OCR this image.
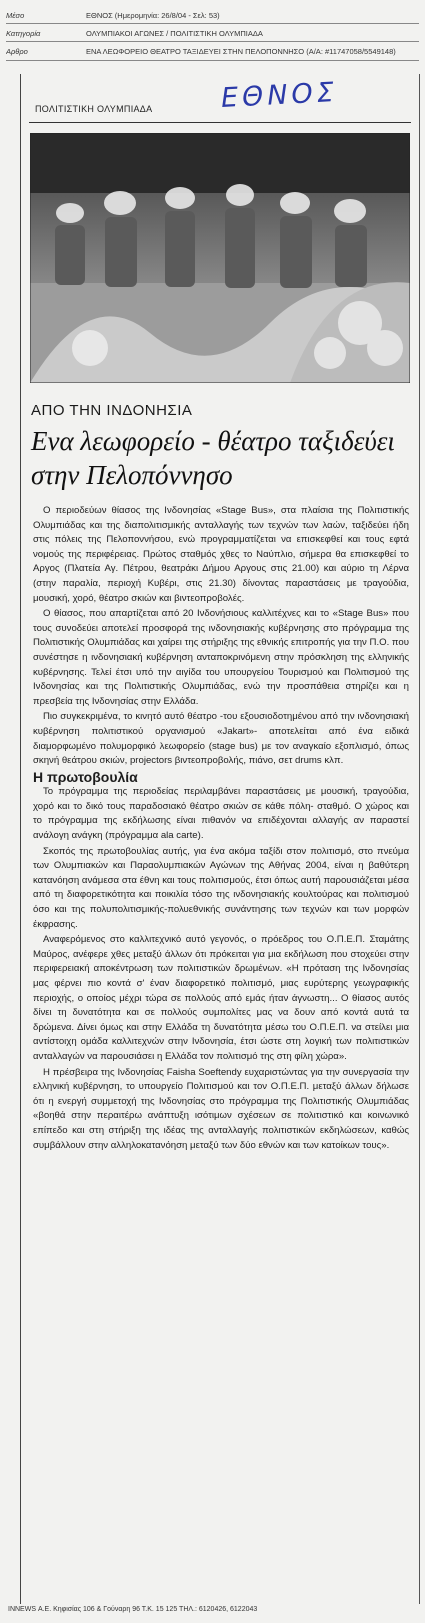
Μέσο	ΕΘΝΟΣ (Ημερομηνία: 26/8/04 - Σελ: 53)
Κατηγορία	ΟΛΥΜΠΙΑΚΟΙ ΑΓΩΝΕΣ / ΠΟΛΙΤΙΣΤΙΚΗ ΟΛΥΜΠΙΑΔΑ
Αρθρο	ΕΝΑ ΛΕΩΦΟΡΕΙΟ ΘΕΑΤΡΟ ΤΑΞΙΔΕΥΕΙ ΣΤΗΝ ΠΕΛΟΠΟΝΝΗΣΟ (Α/Α: #11747058/5549148)
ΠΟΛΙΤΙΣΤΙΚΗ ΟΛΥΜΠΙΑΔΑ	ΕΘΝΟΣ
ΑΠΟ ΤΗΝ ΙΝΔΟΝΗΣΙΑ
Ενα λεωφορείο - θέατρο ταξιδεύει στην Πελοπόννησο

Ο περιοδεύων θίασος της Ινδονησίας «Stage Bus», στα πλαίσια της Πολιτιστικής Ολυμπιάδας και της διαπολιτισμικής ανταλλαγής των τεχνών των λαών, ταξιδεύει ήδη στις πόλεις της Πελοποννήσου, ενώ προγραμματίζεται να επισκεφθεί και τους εφτά νομούς της περιφέρειας. Πρώτος σταθμός χθες το Ναύπλιο, σήμερα θα επισκεφθεί το Αργος (Πλατεία Αγ. Πέτρου, θεατράκι Δήμου Αργους στις 21.00) και αύριο τη Λέρνα (στην παραλία, περιοχή Κυβέρι, στις 21.30) δίνοντας παραστάσεις με τραγούδια, μουσική, χορό, θέατρο σκιών και βιντεοπροβολές.

Ο θίασος, που απαρτίζεται από 20 Ινδονήσιους καλλιτέχνες και το «Stage Bus» που τους συνοδεύει αποτελεί προσφορά της ινδονησιακής κυβέρνησης στο πρόγραμμα της Πολιτιστικής Ολυμπιάδας και χαίρει της στήριξης της εθνικής επιτροπής για την Π.Ο. που συνέστησε η ινδονησιακή κυβέρνηση ανταποκρινόμενη στην πρόσκληση της ελληνικής κυβέρνησης. Τελεί έτσι υπό την αιγίδα του υπουργείου Τουρισμού και Πολιτισμού της Ινδονησίας και της Πολιτιστικής Ολυμπιάδας, ενώ την προσπάθεια στηρίζει και η πρεσβεία της Ινδονησίας στην Ελλάδα.

Πιο συγκεκριμένα, το κινητό αυτό θέατρο -του εξουσιοδοτημένου από την ινδονησιακή κυβέρνηση πολιτιστικού οργανισμού «Jakart»- αποτελείται από ένα ειδικά διαμορφωμένο πολυμορφικό λεωφορείο (stage bus) με τον αναγκαίο εξοπλισμό, όπως σκηνή θεάτρου σκιών, projectors βιντεοπροβολής, πιάνο, σετ drums κλπ.

Η πρωτοβουλία

Το πρόγραμμα της περιοδείας περιλαμβάνει παραστάσεις με μουσική, τραγούδια, χορό και το δικό τους παραδοσιακό θέατρο σκιών σε κάθε πόλη- σταθμό. Ο χώρος και το πρόγραμμα της εκδήλωσης είναι πιθανόν να επιδέχονται αλλαγής αν παραστεί ανάλογη ανάγκη (πρόγραμμα ala carte).

Σκοπός της πρωτοβουλίας αυτής, για ένα ακόμα ταξίδι στον πολιτισμό, στο πνεύμα των Ολυμπιακών και Παραολυμπιακών Αγώνων της Αθήνας 2004, είναι η βαθύτερη κατανόηση ανάμεσα στα έθνη και τους πολιτισμούς, έτσι όπως αυτή παρουσιάζεται μέσα από τη διαφορετικότητα και ποικιλία τόσο της ινδονησιακής κουλτούρας και πολιτισμού όσο και της πολυπολιτισμικής-πολυεθνικής συνάντησης των τεχνών και των μορφών έκφρασης.

Αναφερόμενος στο καλλιτεχνικό αυτό γεγονός, ο πρόεδρος του Ο.Π.Ε.Π. Σταμάτης Μαύρος, ανέφερε χθες μεταξύ άλλων ότι πρόκειται για μια εκδήλωση που στοχεύει στην περιφερειακή αποκέντρωση των πολιτιστικών δρωμένων. «Η πρόταση της Ινδονησίας μας φέρνει πιο κοντά σ' έναν διαφορετικό πολιτισμό, μιας ευρύτερης γεωγραφικής περιοχής, ο οποίος μέχρι τώρα σε πολλούς από εμάς ήταν άγνωστη... Ο θίασος αυτός δίνει τη δυνατότητα και σε πολλούς συμπολίτες μας να δουν από κοντά αυτά τα δρώμενα. Δίνει όμως και στην Ελλάδα τη δυνατότητα μέσω του Ο.Π.Ε.Π. να στείλει μια αντίστοιχη ομάδα καλλιτεχνών στην Ινδονησία, έτσι ώστε στη λογική των πολιτιστικών ανταλλαγών να παρουσιάσει η Ελλάδα τον πολιτισμό της στη φίλη χώρα».

Η πρέσβειρα της Ινδονησίας Faisha Soeftendy ευχαριστώντας για την συνεργασία την ελληνική κυβέρνηση, το υπουργείο Πολιτισμού και τον Ο.Π.Ε.Π. μεταξύ άλλων δήλωσε ότι η ενεργή συμμετοχή της Ινδονησίας στο πρόγραμμα της Πολιτιστικής Ολυμπιάδας «βοηθά στην περαιτέρω ανάπτυξη ισότιμων σχέσεων σε πολιτιστικό και κοινωνικό επίπεδο και στη στήριξη της ιδέας της ανταλλαγής πολιτιστικών εκδηλώσεων, καθώς συμβάλλουν στην αλληλοκατανόηση μεταξύ των δύο εθνών και των κατοίκων τους».

INNEWS Α.Ε. Κηφισίας 106 & Γούναρη 96 Τ.Κ. 15 125 ΤΗΛ.: 6120426, 6122043
